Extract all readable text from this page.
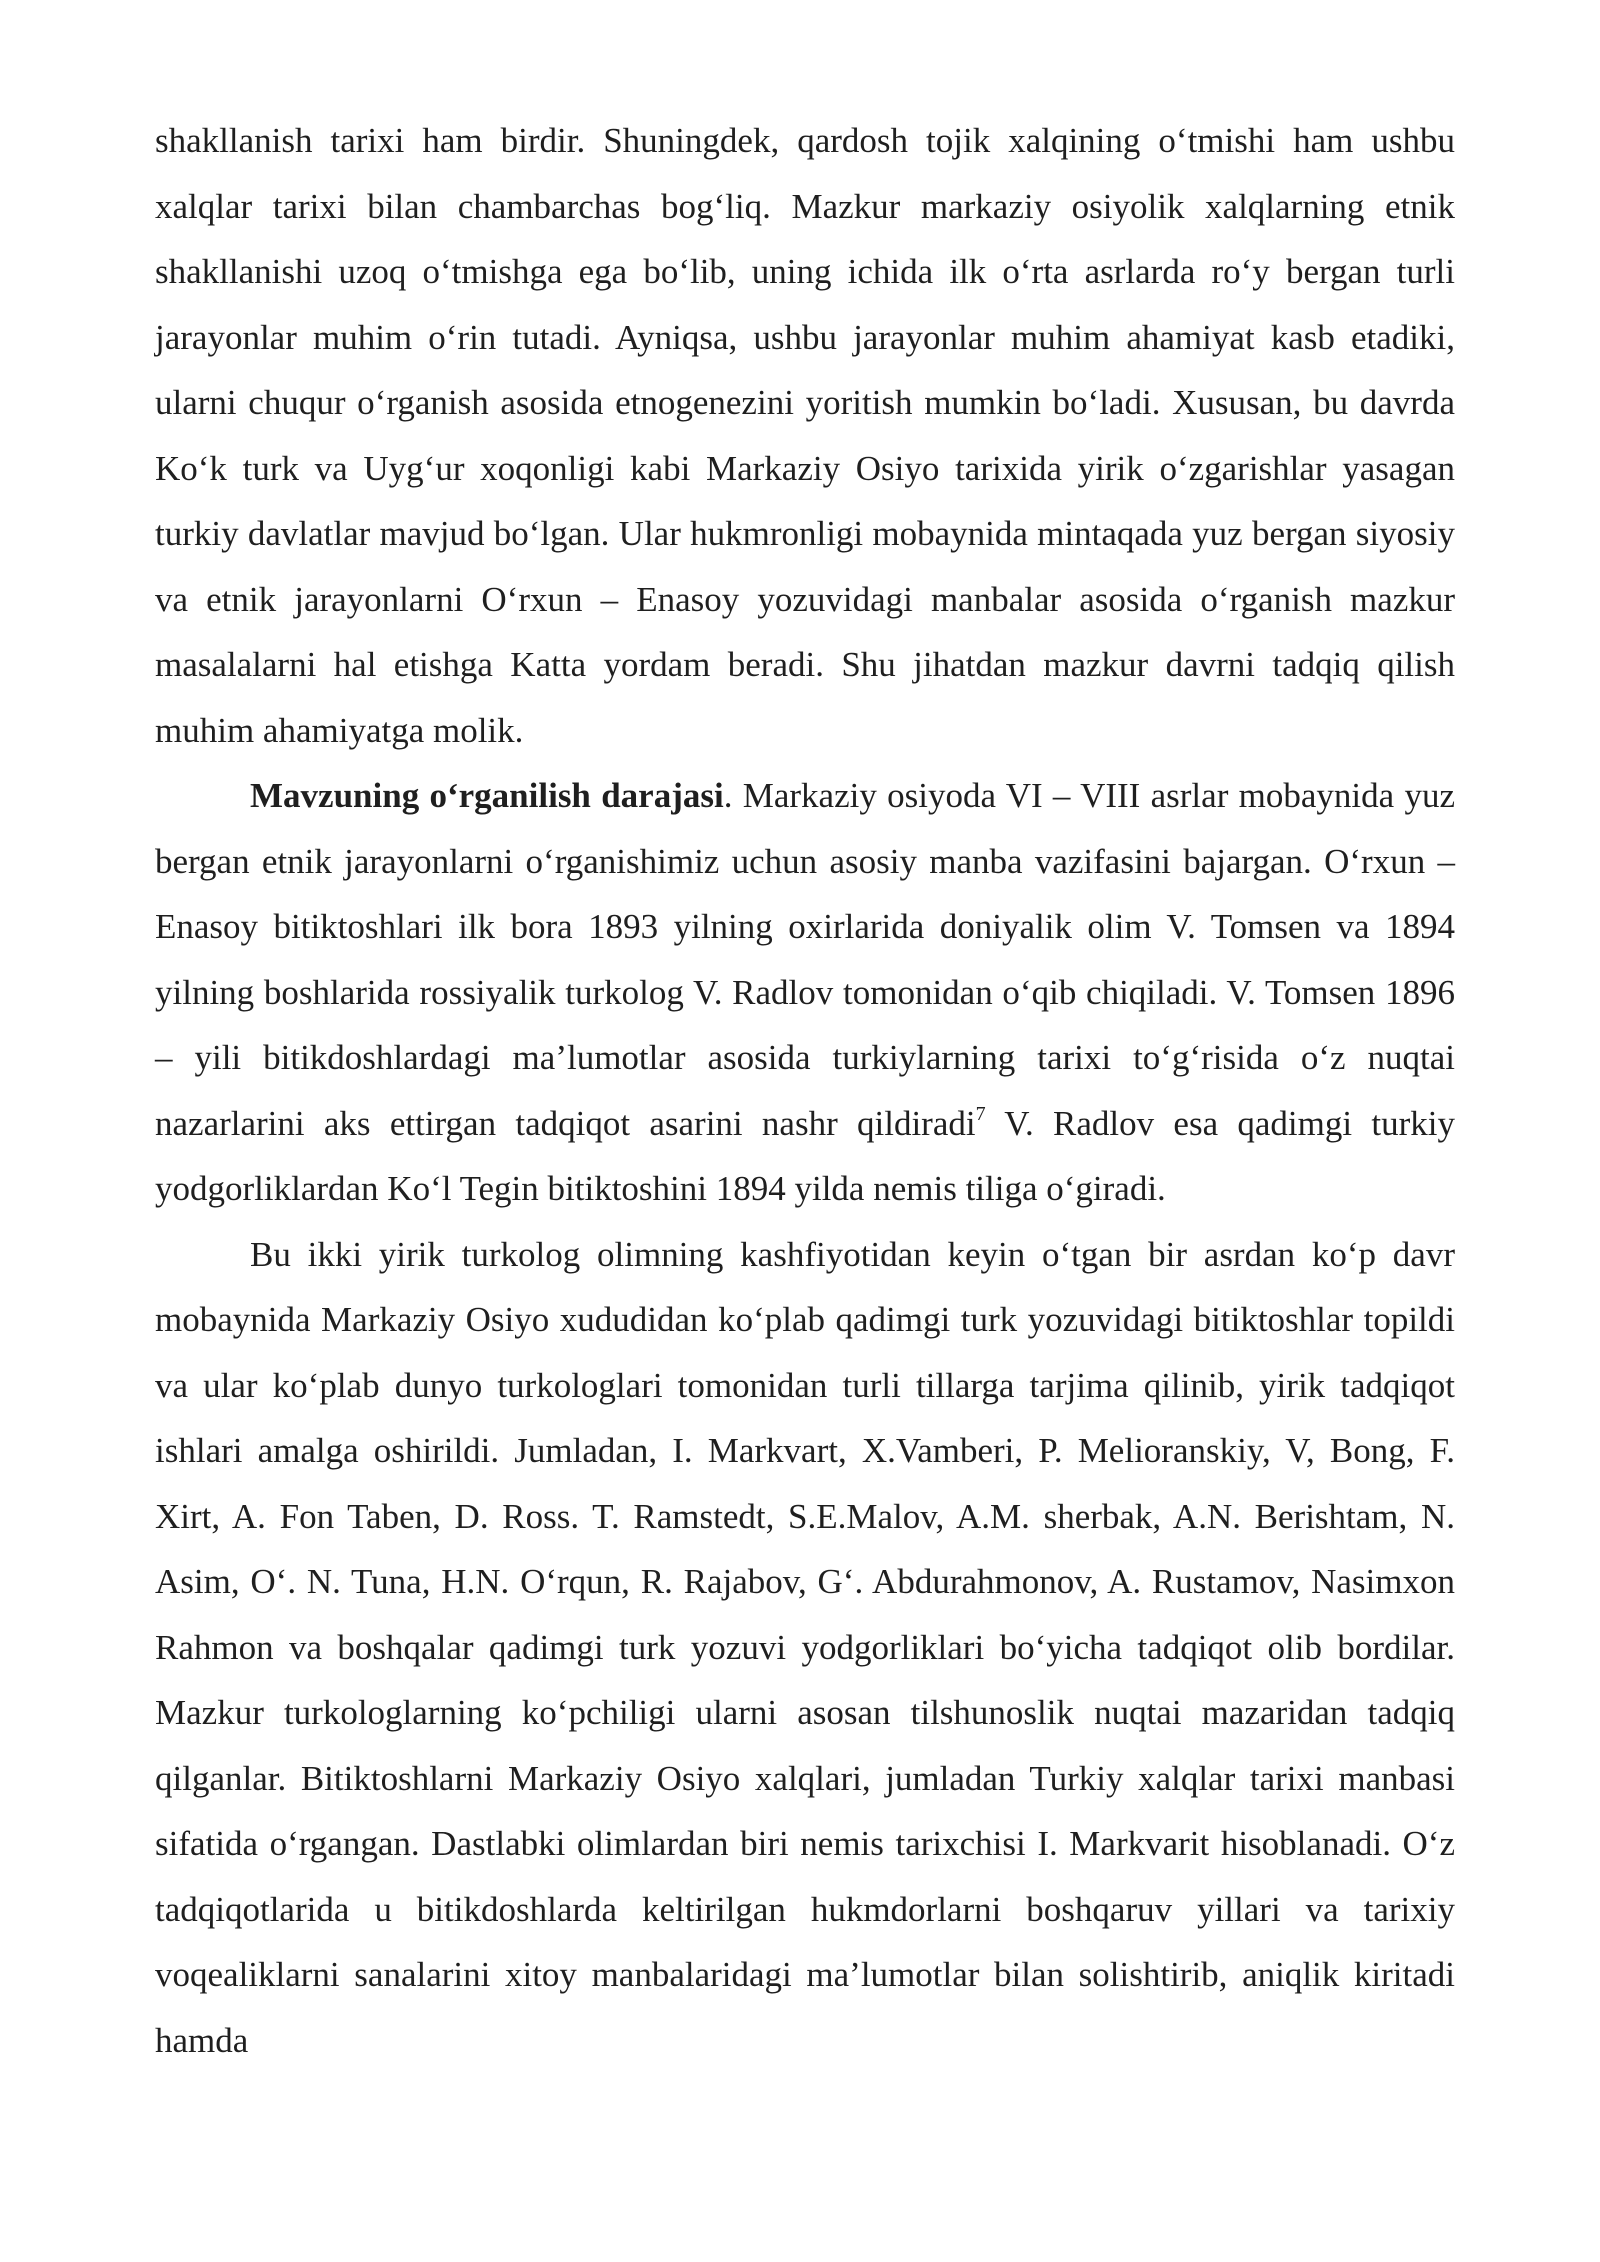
shakllanish tarixi ham birdir. Shuningdek, qardosh tojik xalqining o‘tmishi ham ushbu xalqlar tarixi bilan chambarchas bog‘liq. Mazkur markaziy osiyolik xalqlarning etnik shakllanishi uzoq o‘tmishga ega bo‘lib, uning ichida ilk o‘rta asrlarda ro‘y bergan turli jarayonlar muhim o‘rin tutadi. Ayniqsa, ushbu jarayonlar muhim ahamiyat kasb etadiki, ularni chuqur o‘rganish asosida etnogenezini yoritish mumkin bo‘ladi. Xususan, bu davrda Ko‘k turk va Uyg‘ur xoqonligi kabi Markaziy Osiyo tarixida yirik o‘zgarishlar yasagan turkiy davlatlar mavjud bo‘lgan. Ular hukmronligi mobaynida mintaqada yuz bergan siyosiy va etnik jarayonlarni O‘rxun – Enasoy yozuvidagi manbalar asosida o‘rganish mazkur masalalarni hal etishga Katta yordam beradi. Shu jihatdan mazkur davrni tadqiq qilish muhim ahamiyatga molik.

Mavzuning o‘rganilish darajasi. Markaziy osiyoda VI – VIII asrlar mobaynida yuz bergan etnik jarayonlarni o‘rganishimiz uchun asosiy manba vazifasini bajargan. O‘rxun – Enasoy bitiktoshlari ilk bora 1893 yilning oxirlarida doniyalik olim V. Tomsen va 1894 yilning boshlarida rossiyalik turkolog V. Radlov tomonidan o‘qib chiqiladi. V. Tomsen 1896 – yili bitikdoshlardagi ma’lumotlar asosida turkiylarning tarixi to‘g‘risida o‘z nuqtai nazarlarini aks ettirgan tadqiqot asarini nashr qildiradi$^7$ V. Radlov esa qadimgi turkiy yodgorliklardan Ko‘l Tegin bitiktoshini 1894 yilda nemis tiliga o‘giradi.

Bu ikki yirik turkolog olimning kashfiyotidan keyin o‘tgan bir asrdan ko‘p davr mobaynida Markaziy Osiyo xududidan ko‘plab qadimgi turk yozuvidagi bitiktoshlar topildi va ular ko‘plab dunyo turkologlari tomonidan turli tillarga tarjima qilinib, yirik tadqiqot ishlari amalga oshirildi. Jumladan, I. Markvart, X.Vamberi, P. Melioranskiy, V, Bong, F. Xirt, A. Fon Taben, D. Ross. T. Ramstedt, S.E.Malov, A.M. sherbak, A.N. Berishtam, N. Asim, O‘. N. Tuna, H.N. O‘rqun, R. Rajabov, G‘. Abdurahmonov, A. Rustamov, Nasimxon Rahmon va boshqalar qadimgi turk yozuvi yodgorliklari bo‘yicha tadqiqot olib bordilar. Mazkur turkologlarning ko‘pchiligi ularni asosan tilshunoslik nuqtai mazaridan tadqiq qilganlar. Bitiktoshlarni Markaziy Osiyo xalqlari, jumladan Turkiy xalqlar tarixi manbasi sifatida o‘rgangan. Dastlabki olimlardan biri nemis tarixchisi I. Markvarit hisoblanadi. O‘z tadqiqotlarida u bitikdoshlarda keltirilgan hukmdorlarni boshqaruv yillari va tarixiy voqealiklarni sanalarini xitoy manbalaridagi ma’lumotlar bilan solishtirib, aniqlik kiritadi hamda
